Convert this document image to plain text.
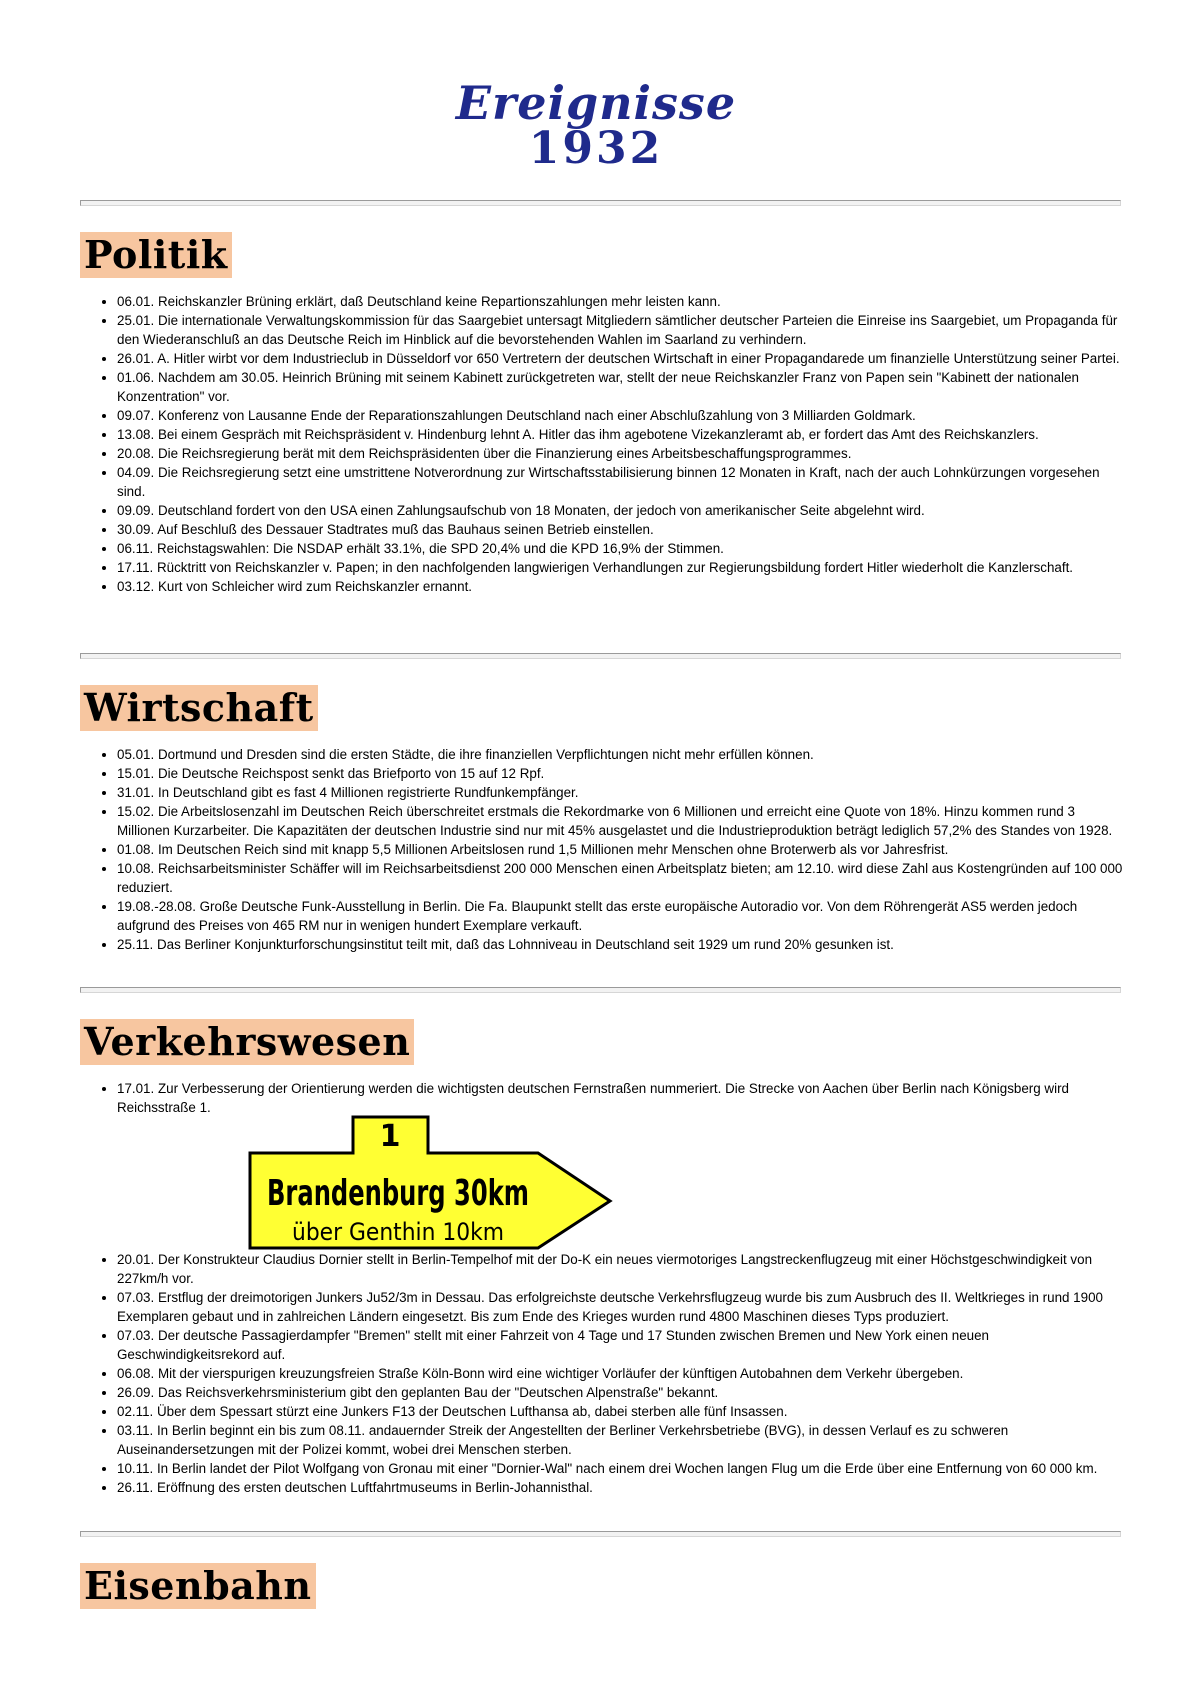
Ereignisse
1932
Politik
• 06.01. Reichskanzler Brüning erklärt, daß Deutschland keine Repartionszahlungen mehr leisten kann.
• 25.01. Die internationale Verwaltungskommission für das Saargebiet untersagt Mitgliedern sämtlicher deutscher Parteien die Einreise ins Saargebiet, um Propaganda für den Wiederanschluß an das Deutsche Reich im Hinblick auf die bevorstehenden Wahlen im Saarland zu verhindern.
• 26.01. A. Hitler wirbt vor dem Industrieclub in Düsseldorf vor 650 Vertretern der deutschen Wirtschaft in einer Propagandarede um finanzielle Unterstützung seiner Partei.
• 01.06. Nachdem am 30.05. Heinrich Brüning mit seinem Kabinett zurückgetreten war, stellt der neue Reichskanzler Franz von Papen sein "Kabinett der nationalen Konzentration" vor.
• 09.07. Konferenz von Lausanne Ende der Reparationszahlungen Deutschland nach einer Abschlußzahlung von 3 Milliarden Goldmark.
• 13.08. Bei einem Gespräch mit Reichspräsident v. Hindenburg lehnt A. Hitler das ihm agebotene Vizekanzleramt ab, er fordert das Amt des Reichskanzlers.
• 20.08. Die Reichsregierung berät mit dem Reichspräsidenten über die Finanzierung eines Arbeitsbeschaffungsprogrammes.
• 04.09. Die Reichsregierung setzt eine umstrittene Notverordnung zur Wirtschaftsstabilisierung binnen 12 Monaten in Kraft, nach der auch Lohnkürzungen vorgesehen sind.
• 09.09. Deutschland fordert von den USA einen Zahlungsaufschub von 18 Monaten, der jedoch von amerikanischer Seite abgelehnt wird.
• 30.09. Auf Beschluß des Dessauer Stadtrates muß das Bauhaus seinen Betrieb einstellen.
• 06.11. Reichstagswahlen: Die NSDAP erhält 33.1%, die SPD 20,4% und die KPD 16,9% der Stimmen.
• 17.11. Rücktritt von Reichskanzler v. Papen; in den nachfolgenden langwierigen Verhandlungen zur Regierungsbildung fordert Hitler wiederholt die Kanzlerschaft.
• 03.12. Kurt von Schleicher wird zum Reichskanzler ernannt.
Wirtschaft
• 05.01. Dortmund und Dresden sind die ersten Städte, die ihre finanziellen Verpflichtungen nicht mehr erfüllen können.
• 15.01. Die Deutsche Reichspost senkt das Briefporto von 15 auf 12 Rpf.
• 31.01. In Deutschland gibt es fast 4 Millionen registrierte Rundfunkempfänger.
• 15.02. Die Arbeitslosenzahl im Deutschen Reich überschreitet erstmals die Rekordmarke von 6 Millionen und erreicht eine Quote von 18%. Hinzu kommen rund 3 Millionen Kurzarbeiter. Die Kapazitäten der deutschen Industrie sind nur mit 45% ausgelastet und die Industrieproduktion beträgt lediglich 57,2% des Standes von 1928.
• 01.08. Im Deutschen Reich sind mit knapp 5,5 Millionen Arbeitslosen rund 1,5 Millionen mehr Menschen ohne Broterwerb als vor Jahresfrist.
• 10.08. Reichsarbeitsminister Schäffer will im Reichsarbeitsdienst 200 000 Menschen einen Arbeitsplatz bieten; am 12.10. wird diese Zahl aus Kostengründen auf 100 000 reduziert.
• 19.08.-28.08. Große Deutsche Funk-Ausstellung in Berlin. Die Fa. Blaupunkt stellt das erste europäische Autoradio vor. Von dem Röhrengerät AS5 werden jedoch aufgrund des Preises von 465 RM nur in wenigen hundert Exemplare verkauft.
• 25.11. Das Berliner Konjunkturforschungsinstitut teilt mit, daß das Lohnniveau in Deutschland seit 1929 um rund 20% gesunken ist.
Verkehrswesen
• 17.01. Zur Verbesserung der Orientierung werden die wichtigsten deutschen Fernstraßen nummeriert. Die Strecke von Aachen über Berlin nach Königsberg wird Reichsstraße 1.
1
Brandenburg 30km
über Genthin 10km
• 20.01. Der Konstrukteur Claudius Dornier stellt in Berlin-Tempelhof mit der Do-K ein neues viermotoriges Langstreckenflugzeug mit einer Höchstgeschwindigkeit von 227km/h vor.
• 07.03. Erstflug der dreimotorigen Junkers Ju52/3m in Dessau. Das erfolgreichste deutsche Verkehrsflugzeug wurde bis zum Ausbruch des II. Weltkrieges in rund 1900 Exemplaren gebaut und in zahlreichen Ländern eingesetzt. Bis zum Ende des Krieges wurden rund 4800 Maschinen dieses Typs produziert.
• 07.03. Der deutsche Passagierdampfer "Bremen" stellt mit einer Fahrzeit von 4 Tage und 17 Stunden zwischen Bremen und New York einen neuen Geschwindigkeitsrekord auf.
• 06.08. Mit der vierspurigen kreuzungsfreien Straße Köln-Bonn wird eine wichtiger Vorläufer der künftigen Autobahnen dem Verkehr übergeben.
• 26.09. Das Reichsverkehrsministerium gibt den geplanten Bau der "Deutschen Alpenstraße" bekannt.
• 02.11. Über dem Spessart stürzt eine Junkers F13 der Deutschen Lufthansa ab, dabei sterben alle fünf Insassen.
• 03.11. In Berlin beginnt ein bis zum 08.11. andauernder Streik der Angestellten der Berliner Verkehrsbetriebe (BVG), in dessen Verlauf es zu schweren Auseinandersetzungen mit der Polizei kommt, wobei drei Menschen sterben.
• 10.11. In Berlin landet der Pilot Wolfgang von Gronau mit einer "Dornier-Wal" nach einem drei Wochen langen Flug um die Erde über eine Entfernung von 60 000 km.
• 26.11. Eröffnung des ersten deutschen Luftfahrtmuseums in Berlin-Johannisthal.
Eisenbahn
